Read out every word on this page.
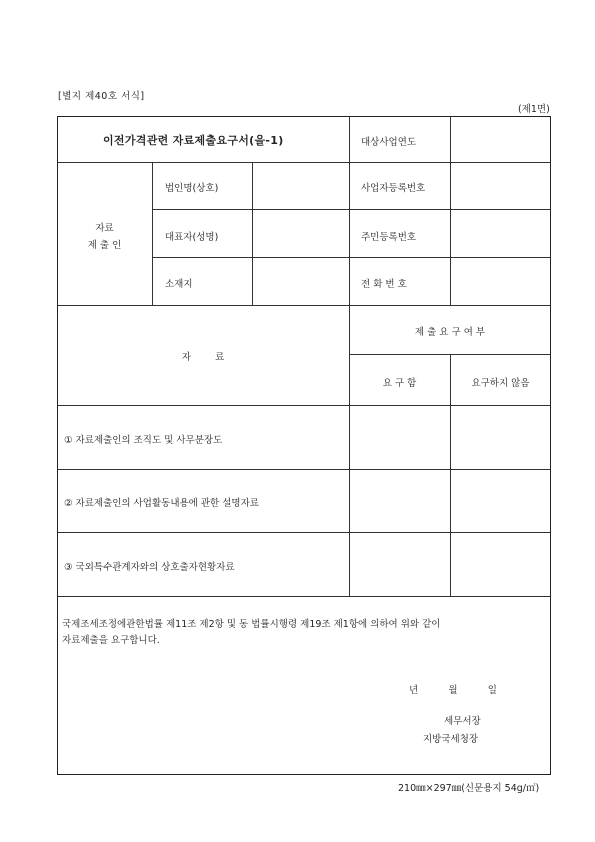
[별지 제40호 서식]
(제1면)
이전가격관련 자료제출요구서(을-1)	대상사업연도
자료
제 출 인
법인명(상호)	사업자등록번호
대표자(성명)	주민등록번호
소재지	전 화 번 호
자        료
제 출 요 구 여 부
요 구 함	요구하지 않음
① 자료제출인의 조직도 및 사무분장도
② 자료제출인의 사업활동내용에 관한 설명자료
③ 국외특수관계자와의 상호출자현황자료
국제조세조정에관한법률 제11조 제2항 및 동 법률시행령 제19조 제1항에 의하여 위와 같이
자료제출을 요구합니다.
년          월          일
세무서장
지방국세청장
210㎜×297㎜(신문용지 54g/㎡)
